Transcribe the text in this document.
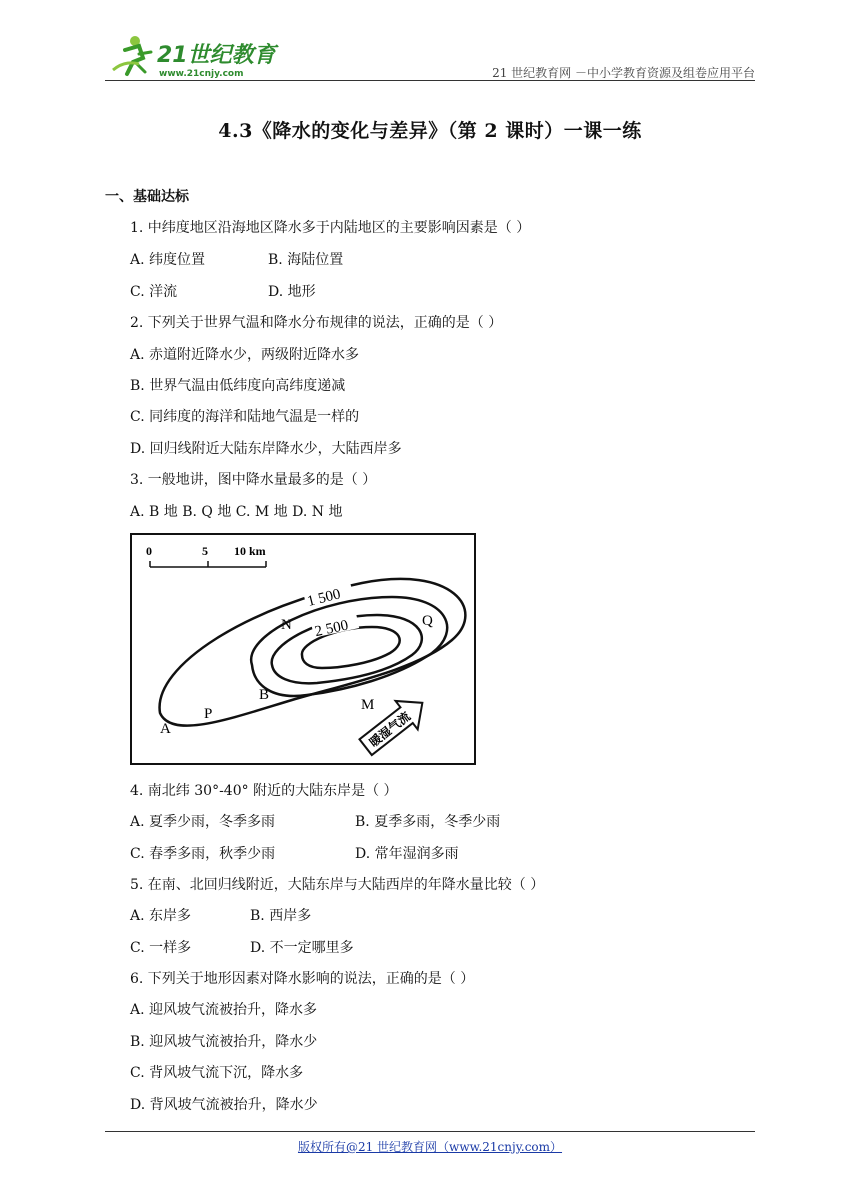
21世纪教育
www.21cnjy.com	21 世纪教育网 －中小学教育资源及组卷应用平台
4.3《降水的变化与差异》（第 2 课时）一课一练
一、基础达标
1. 中纬度地区沿海地区降水多于内陆地区的主要影响因素是（ ）
A. 纬度位置	B. 海陆位置
C. 洋流	D. 地形
2. 下列关于世界气温和降水分布规律的说法，正确的是（ ）
A. 赤道附近降水少，两级附近降水多
B. 世界气温由低纬度向高纬度递减
C. 同纬度的海洋和陆地气温是一样的
D. 回归线附近大陆东岸降水少，大陆西岸多
3. 一般地讲，图中降水量最多的是（ ）
A. B 地 B. Q 地 C. M 地 D. N 地
0	5 10 km
1 500
2 500
N	Q
B
M
P
A	暖湿气流
4. 南北纬 30°-40° 附近的大陆东岸是（ ）
A. 夏季少雨，冬季多雨	B. 夏季多雨，冬季少雨
C. 春季多雨，秋季少雨	D. 常年湿润多雨
5. 在南、北回归线附近，大陆东岸与大陆西岸的年降水量比较（ ）
A. 东岸多	B. 西岸多
C. 一样多	D. 不一定哪里多
6. 下列关于地形因素对降水影响的说法，正确的是（ ）
A. 迎风坡气流被抬升，降水多
B. 迎风坡气流被抬升，降水少
C. 背风坡气流下沉，降水多
D. 背风坡气流被抬升，降水少
版权所有@21 世纪教育网（www.21cnjy.com）
